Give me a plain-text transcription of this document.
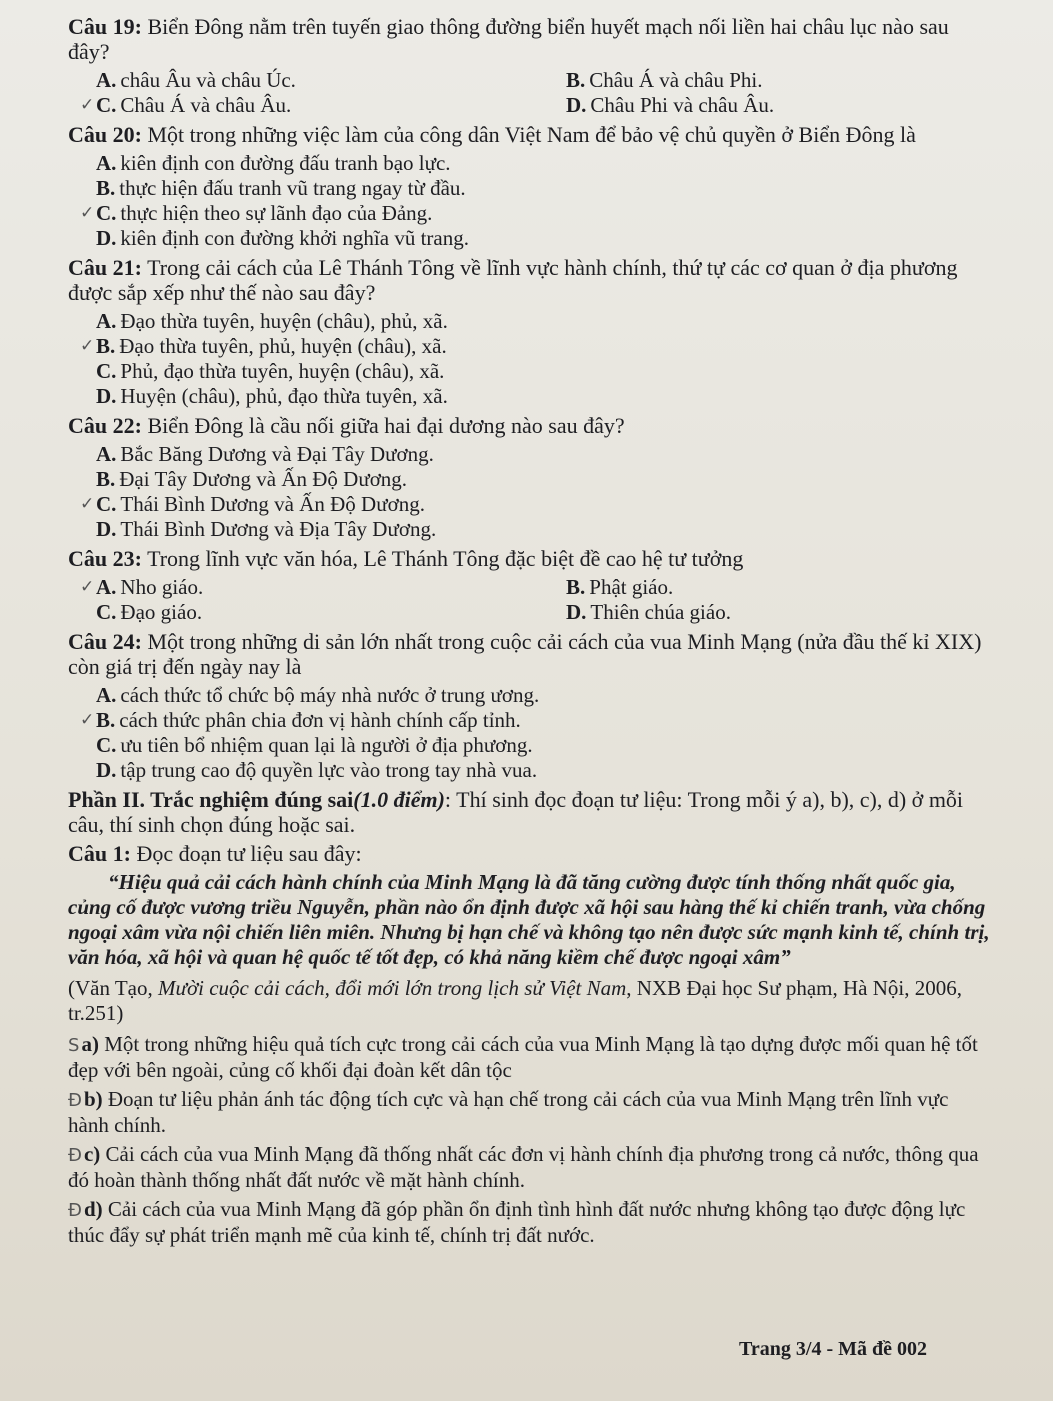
Câu 19: Biển Đông nằm trên tuyến giao thông đường biển huyết mạch nối liền hai châu lục nào sau đây?
A. châu Âu và châu Úc.	B. Châu Á và châu Phi.
✓ C. Châu Á và châu Âu.	D. Châu Phi và châu Âu.
Câu 20: Một trong những việc làm của công dân Việt Nam để bảo vệ chủ quyền ở Biển Đông là
A. kiên định con đường đấu tranh bạo lực.
B. thực hiện đấu tranh vũ trang ngay từ đầu.
✓ C. thực hiện theo sự lãnh đạo của Đảng.
D. kiên định con đường khởi nghĩa vũ trang.
Câu 21: Trong cải cách của Lê Thánh Tông về lĩnh vực hành chính, thứ tự các cơ quan ở địa phương được sắp xếp như thế nào sau đây?
A. Đạo thừa tuyên, huyện (châu), phủ, xã.
✓ B. Đạo thừa tuyên, phủ, huyện (châu), xã.
C. Phủ, đạo thừa tuyên, huyện (châu), xã.
D. Huyện (châu), phủ, đạo thừa tuyên, xã.
Câu 22: Biển Đông là cầu nối giữa hai đại dương nào sau đây?
A. Bắc Băng Dương và Đại Tây Dương.
B. Đại Tây Dương và Ấn Độ Dương.
✓ C. Thái Bình Dương và Ấn Độ Dương.
D. Thái Bình Dương và Địa Tây Dương.
Câu 23: Trong lĩnh vực văn hóa, Lê Thánh Tông đặc biệt đề cao hệ tư tưởng
✓ A. Nho giáo.	B. Phật giáo.
C. Đạo giáo.	D. Thiên chúa giáo.
Câu 24: Một trong những di sản lớn nhất trong cuộc cải cách của vua Minh Mạng (nửa đầu thế kỉ XIX) còn giá trị đến ngày nay là
A. cách thức tổ chức bộ máy nhà nước ở trung ương.
✓ B. cách thức phân chia đơn vị hành chính cấp tỉnh.
C. ưu tiên bổ nhiệm quan lại là người ở địa phương.
D. tập trung cao độ quyền lực vào trong tay nhà vua.
Phần II. Trắc nghiệm đúng sai(1.0 điểm): Thí sinh đọc đoạn tư liệu: Trong mỗi ý a), b), c), d) ở mỗi câu, thí sinh chọn đúng hoặc sai.
Câu 1: Đọc đoạn tư liệu sau đây:
“Hiệu quả cải cách hành chính của Minh Mạng là đã tăng cường được tính thống nhất quốc gia, củng cố được vương triều Nguyễn, phần nào ổn định được xã hội sau hàng thế kỉ chiến tranh, vừa chống ngoại xâm vừa nội chiến liên miên. Nhưng bị hạn chế và không tạo nên được sức mạnh kinh tế, chính trị, văn hóa, xã hội và quan hệ quốc tế tốt đẹp, có khả năng kiềm chế được ngoại xâm”
(Văn Tạo, Mười cuộc cải cách, đổi mới lớn trong lịch sử Việt Nam, NXB Đại học Sư phạm, Hà Nội, 2006, tr.251)
Sa) Một trong những hiệu quả tích cực trong cải cách của vua Minh Mạng là tạo dựng được mối quan hệ tốt đẹp với bên ngoài, củng cố khối đại đoàn kết dân tộc
Đb) Đoạn tư liệu phản ánh tác động tích cực và hạn chế trong cải cách của vua Minh Mạng trên lĩnh vực hành chính.
Đc) Cải cách của vua Minh Mạng đã thống nhất các đơn vị hành chính địa phương trong cả nước, thông qua đó hoàn thành thống nhất đất nước về mặt hành chính.
Đd) Cải cách của vua Minh Mạng đã góp phần ổn định tình hình đất nước nhưng không tạo được động lực thúc đẩy sự phát triển mạnh mẽ của kinh tế, chính trị đất nước.
Trang 3/4 - Mã đề 002
